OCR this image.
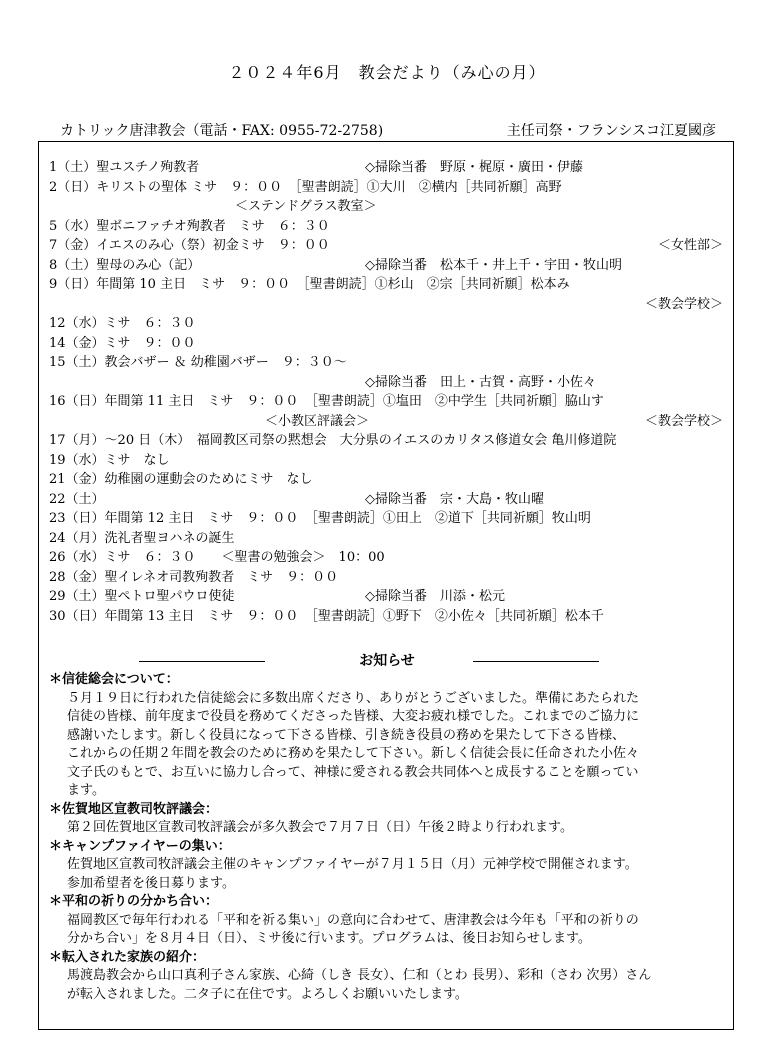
２０２４年6月　教会だより（み心の月）
カトリック唐津教会（電話・FAX: 0955-72-2758)	主任司祭・フランシスコ江夏國彦
1（土）聖ユスチノ殉教者	◇掃除当番　野原・梶原・廣田・伊藤
2（日）キリストの聖体 ミサ　９：００　［聖書朗読］①大川　②横内［共同祈願］高野
＜ステンドグラス教室＞
5（水）聖ボニファチオ殉教者　ミサ　６：３０
7（金）イエスのみ心（祭）初金ミサ　９：００	＜女性部＞
8（土）聖母のみ心（記）	◇掃除当番　松本千・井上千・宇田・牧山明
9（日）年間第 10 主日　ミサ　９：００　［聖書朗読］①杉山　②宗［共同祈願］松本み
＜教会学校＞
12（水）ミサ　６：３０
14（金）ミサ　９：００
15（土）教会バザー ＆ 幼稚園バザー　９：３０～
◇掃除当番　田上・古賀・高野・小佐々
16（日）年間第 11 主日　ミサ　９：００　［聖書朗読］①塩田　②中学生［共同祈願］脇山す
＜小教区評議会＞	＜教会学校＞
17（月）～20 日（木）　福岡教区司祭の黙想会　大分県のイエスのカリタス修道女会 亀川修道院
19（水）ミサ　なし
21（金）幼稚園の運動会のためにミサ　なし
22（土）	◇掃除当番　宗・大島・牧山曜
23（日）年間第 12 主日　ミサ　９：００　［聖書朗読］①田上　②道下［共同祈願］牧山明
24（月）洗礼者聖ヨハネの誕生
26（水）ミサ　６：３０　　＜聖書の勉強会＞　10：00
28（金）聖イレネオ司教殉教者　ミサ　９：００
29（土）聖ペトロ聖パウロ使徒	◇掃除当番　川添・松元
30（日）年間第 13 主日　ミサ　９：００　［聖書朗読］①野下　②小佐々［共同祈願］松本千
お知らせ
＊信徒総会について：
５月１９日に行われた信徒総会に多数出席くださり、ありがとうございました。準備にあたられた
信徒の皆様、前年度まで役員を務めてくださった皆様、大変お疲れ様でした。これまでのご協力に
感謝いたします。新しく役員になって下さる皆様、引き続き役員の務めを果たして下さる皆様、
これからの任期２年間を教会のために務めを果たして下さい。新しく信徒会長に任命された小佐々
文子氏のもとで、お互いに協力し合って、神様に愛される教会共同体へと成長することを願ってい
ます。
＊佐賀地区宣教司牧評議会：
第２回佐賀地区宣教司牧評議会が多久教会で７月７日（日）午後２時より行われます。
＊キャンプファイヤーの集い：
佐賀地区宣教司牧評議会主催のキャンプファイヤーが７月１５日（月）元神学校で開催されます。
参加希望者を後日募ります。
＊平和の祈りの分かち合い：
福岡教区で毎年行われる「平和を祈る集い」の意向に合わせて、唐津教会は今年も「平和の祈りの
分かち合い」を８月４日（日）、ミサ後に行います。プログラムは、後日お知らせします。
＊転入された家族の紹介：
馬渡島教会から山口真利子さん家族、心綺（しき 長女）、仁和（とわ 長男）、彩和（さわ 次男）さん
が転入されました。二タ子に在住です。よろしくお願いいたします。
